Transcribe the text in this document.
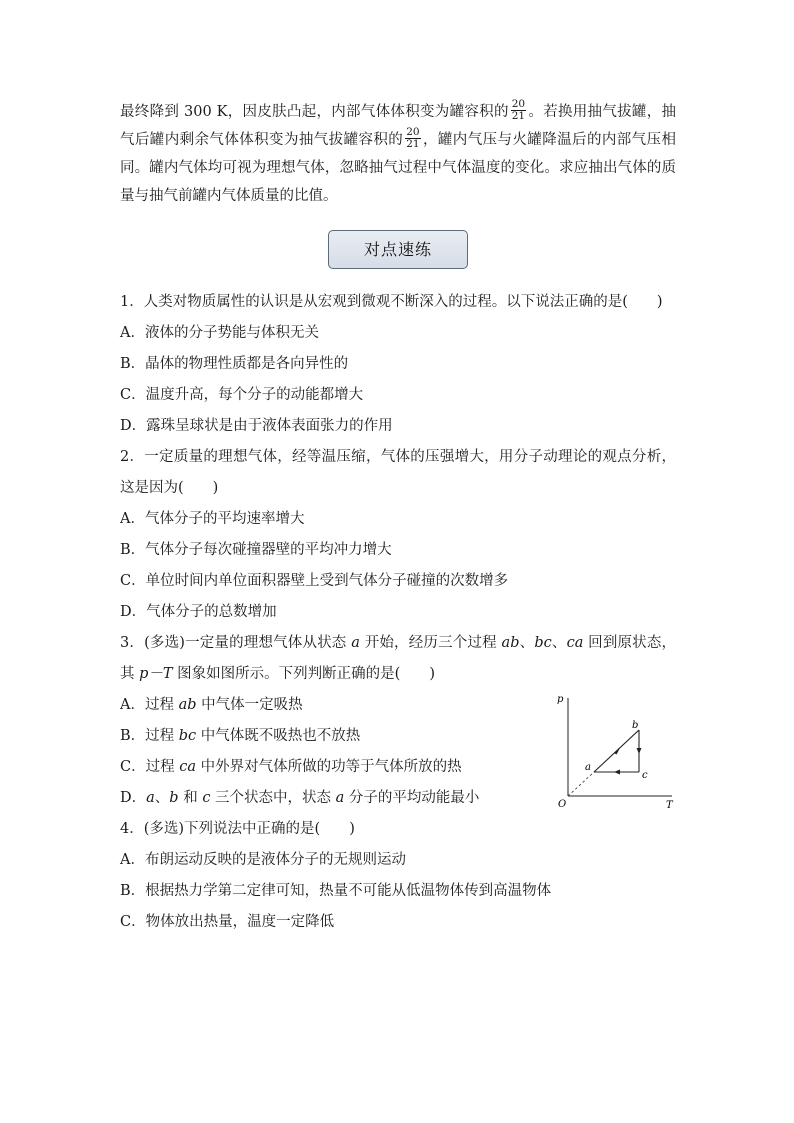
最终降到 300 K，因皮肤凸起，内部气体体积变为罐容积的 $\frac{20}{21}$ 。若换用抽气拔罐，抽气后罐内剩余气体体积变为抽气拔罐容积的 $\frac{20}{21}$ ，罐内气压与火罐降温后的内部气压相同。罐内气体均可视为理想气体，忽略抽气过程中气体温度的变化。求应抽出气体的质量与抽气前罐内气体质量的比值。
对点速练
1．人类对物质属性的认识是从宏观到微观不断深入的过程。以下说法正确的是(　　)
A．液体的分子势能与体积无关
B．晶体的物理性质都是各向异性的
C．温度升高，每个分子的动能都增大
D．露珠呈球状是由于液体表面张力的作用
2．一定质量的理想气体，经等温压缩，气体的压强增大，用分子动理论的观点分析，这是因为(　　)
A．气体分子的平均速率增大
B．气体分子每次碰撞器壁的平均冲力增大
C．单位时间内单位面积器壁上受到气体分子碰撞的次数增多
D．气体分子的总数增加
3．(多选)一定量的理想气体从状态 a 开始，经历三个过程 ab、bc、ca 回到原状态，其 p－T 图象如图所示。下列判断正确的是(　　)
A．过程 ab 中气体一定吸热
B．过程 bc 中气体既不吸热也不放热
C．过程 ca 中外界对气体所做的功等于气体所放的热
D．a、b 和 c 三个状态中，状态 a 分子的平均动能最小
p
T
O
a
b
c
4．(多选)下列说法中正确的是(　　)
A．布朗运动反映的是液体分子的无规则运动
B．根据热力学第二定律可知，热量不可能从低温物体传到高温物体
C．物体放出热量，温度一定降低
